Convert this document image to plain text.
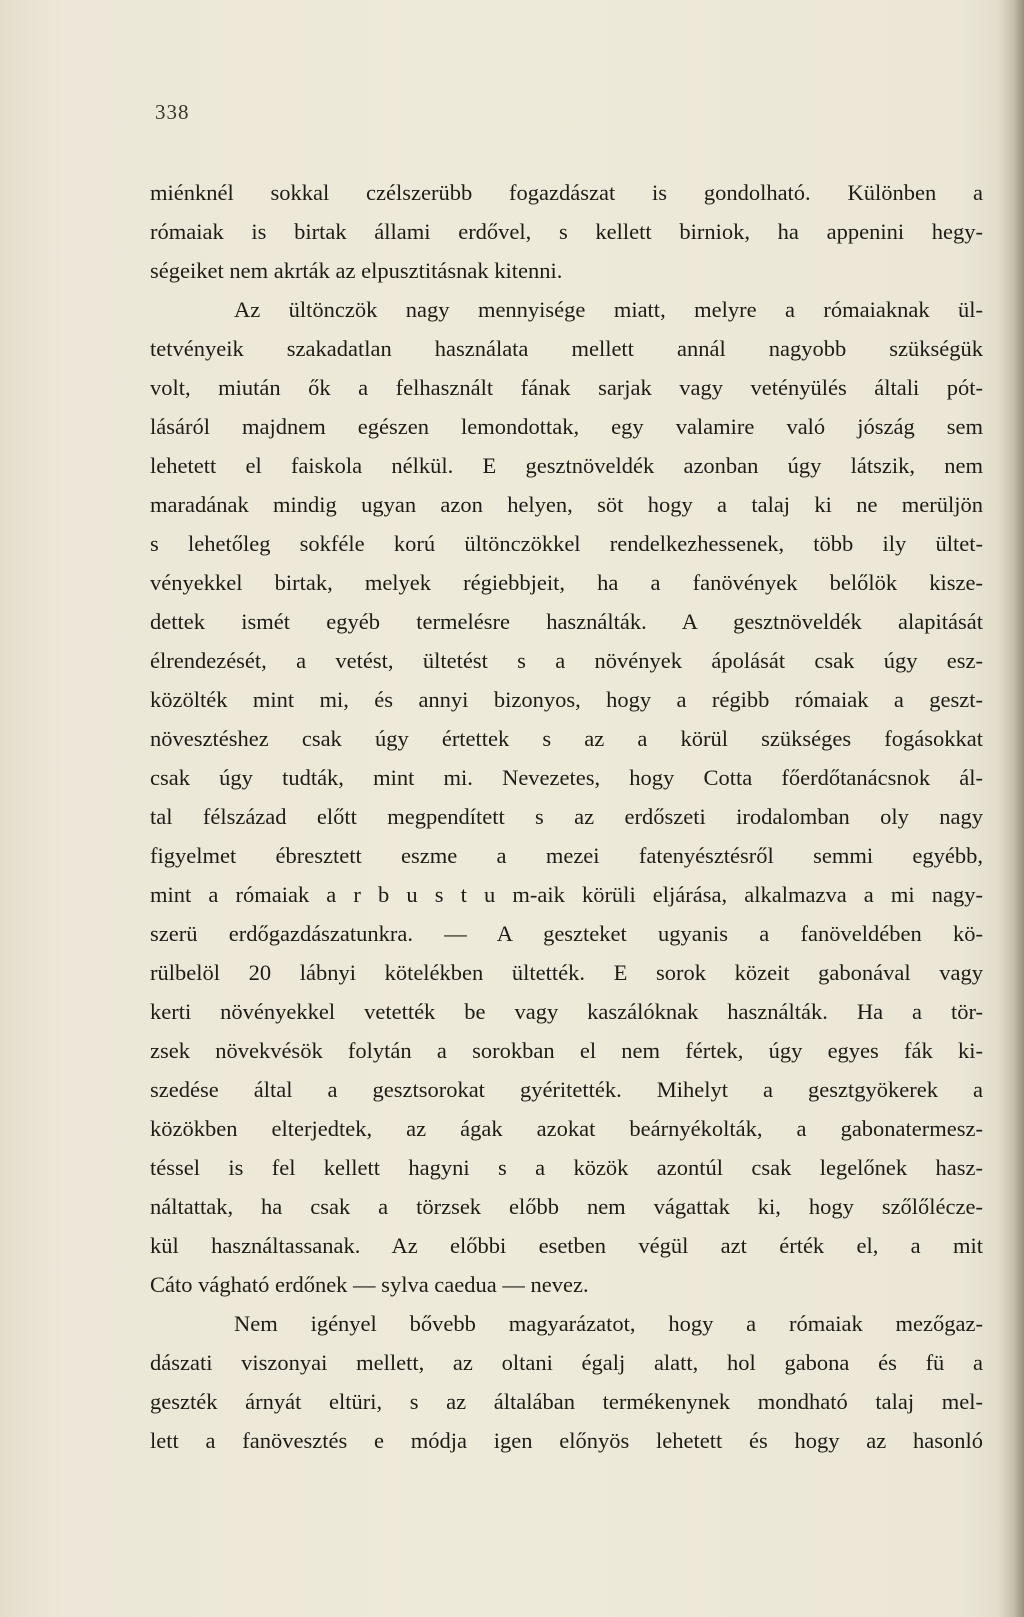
338
miénknél sokkal czélszerübb fogazdászat is gondolható. Különben a
rómaiak is birtak állami erdővel, s kellett birniok, ha appenini hegy-
ségeiket nem akrták az elpusztitásnak kitenni.
Az ültönczök nagy mennyisége miatt, melyre a rómaiaknak ül-
tetvényeik szakadatlan használata mellett annál nagyobb szükségük
volt, miután ők a felhasznált fának sarjak vagy vetényülés általi pót-
lásáról majdnem egészen lemondottak, egy valamire való jószág sem
lehetett el faiskola nélkül. E gesztnöveldék azonban úgy látszik, nem
maradának mindig ugyan azon helyen, söt hogy a talaj ki ne merüljön
s lehetőleg sokféle korú ültönczökkel rendelkezhessenek, több ily ültet-
vényekkel birtak, melyek régiebbjeit, ha a fanövények belőlök kisze-
dettek ismét egyéb termelésre használták. A gesztnöveldék alapitását
élrendezését, a vetést, ültetést s a növények ápolását csak úgy esz-
közölték mint mi, és annyi bizonyos, hogy a régibb rómaiak a geszt-
növesztéshez csak úgy értettek s az a körül szükséges fogásokkat
csak úgy tudták, mint mi. Nevezetes, hogy Cotta főerdőtanácsnok ál-
tal félszázad előtt megpendített s az erdőszeti irodalomban oly nagy
figyelmet ébresztett eszme a mezei fatenyésztésről semmi egyébb,
mint a rómaiak a r b u s t u m-aik körüli eljárása, alkalmazva a mi nagy-
szerü erdőgazdászatunkra. — A geszteket ugyanis a fanöveldében kö-
rülbelöl 20 lábnyi kötelékben ültették. E sorok közeit gabonával vagy
kerti növényekkel vetették be vagy kaszálóknak használták. Ha a tör-
zsek növekvésök folytán a sorokban el nem fértek, úgy egyes fák ki-
szedése által a gesztsorokat gyéritették. Mihelyt a gesztgyökerek a
közökben elterjedtek, az ágak azokat beárnyékolták, a gabonatermesz-
téssel is fel kellett hagyni s a közök azontúl csak legelőnek hasz-
náltattak, ha csak a törzsek előbb nem vágattak ki, hogy szőlőlécze-
kül használtassanak. Az előbbi esetben végül azt érték el, a mit
Cáto vágható erdőnek — sylva caedua — nevez.
Nem igényel bővebb magyarázatot, hogy a rómaiak mezőgaz-
dászati viszonyai mellett, az oltani égalj alatt, hol gabona és fü a
geszték árnyát eltüri, s az általában termékenynek mondható talaj mel-
lett a fanövesztés e módja igen előnyös lehetett és hogy az hasonló
